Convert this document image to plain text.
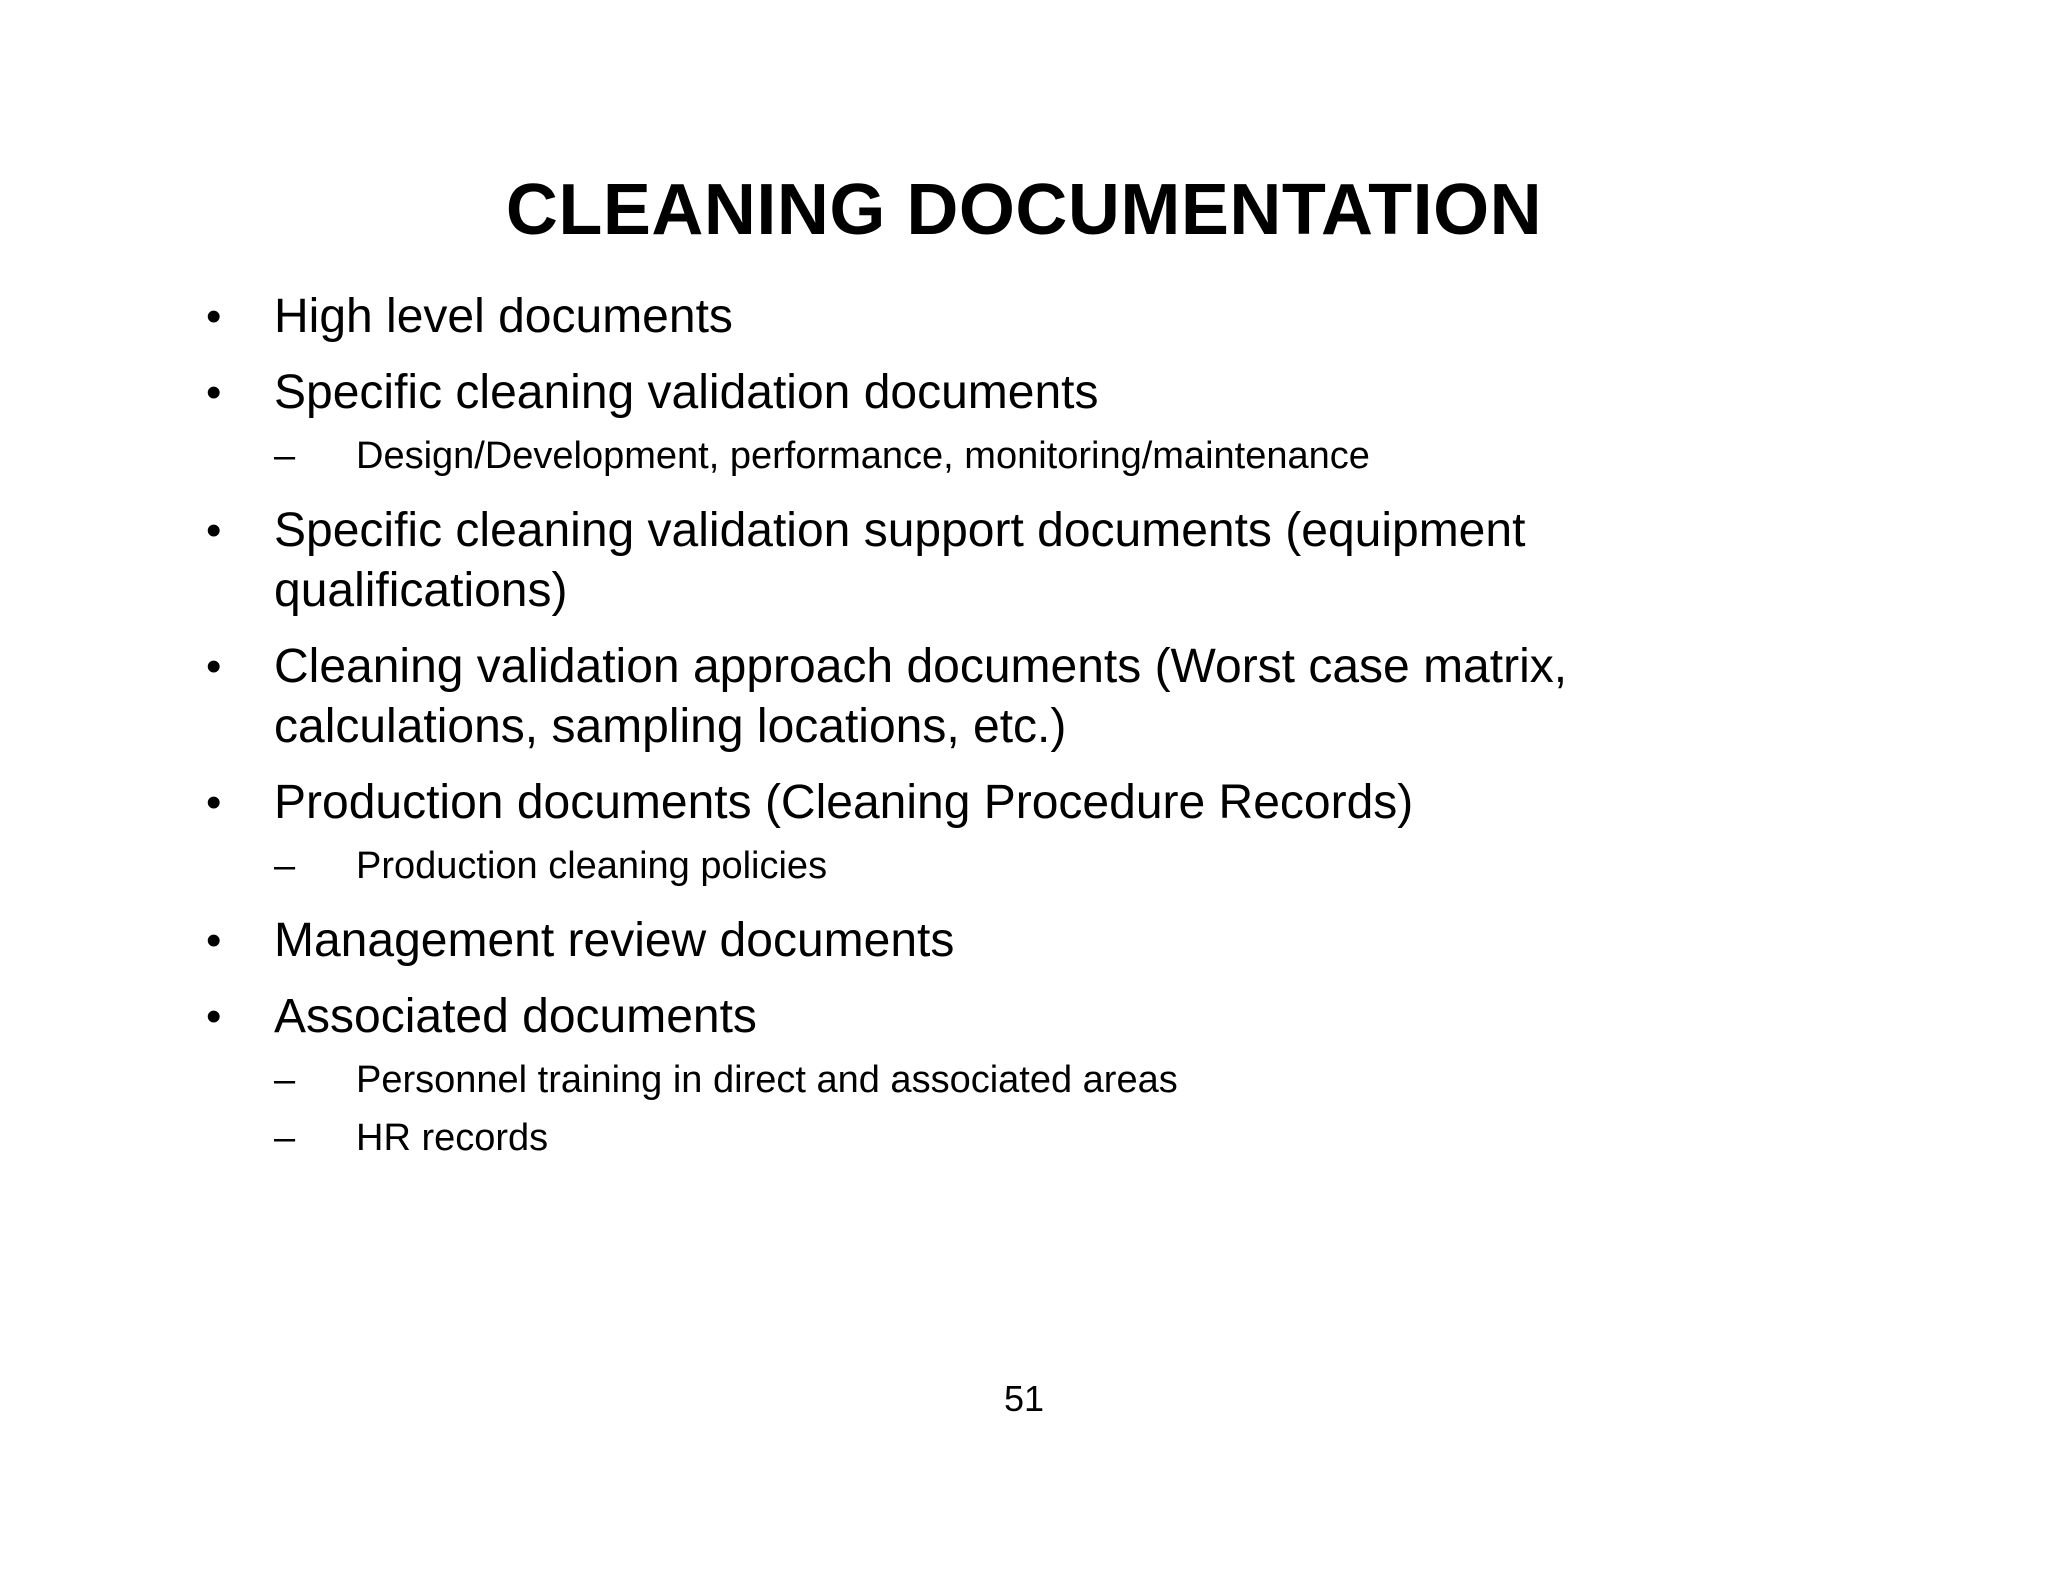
CLEANING DOCUMENTATION
• High level documents
• Specific cleaning validation documents
– Design/Development, performance, monitoring/maintenance
• Specific cleaning validation support documents (equipment qualifications)
• Cleaning validation approach documents (Worst case matrix, calculations, sampling locations, etc.)
• Production documents (Cleaning Procedure Records)
– Production cleaning policies
• Management review documents
• Associated documents
– Personnel training in direct and associated areas
– HR records
51
